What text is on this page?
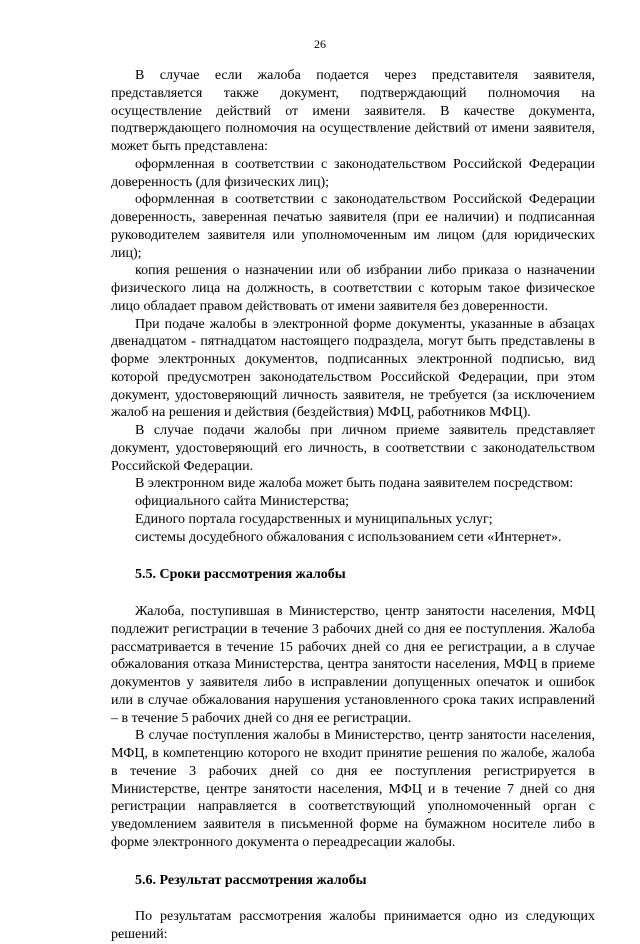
26

В случае если жалоба подается через представителя заявителя, представляется также документ, подтверждающий полномочия на осуществление действий от имени заявителя. В качестве документа, подтверждающего полномочия на осуществление действий от имени заявителя, может быть представлена:

оформленная в соответствии с законодательством Российской Федерации доверенность (для физических лиц);

оформленная в соответствии с законодательством Российской Федерации доверенность, заверенная печатью заявителя (при ее наличии) и подписанная руководителем заявителя или уполномоченным им лицом (для юридических лиц);

копия решения о назначении или об избрании либо приказа о назначении физического лица на должность, в соответствии с которым такое физическое лицо обладает правом действовать от имени заявителя без доверенности.

При подаче жалобы в электронной форме документы, указанные в абзацах двенадцатом - пятнадцатом настоящего подраздела, могут быть представлены в форме электронных документов, подписанных электронной подписью, вид которой предусмотрен законодательством Российской Федерации, при этом документ, удостоверяющий личность заявителя, не требуется (за исключением жалоб на решения и действия (бездействия) МФЦ, работников МФЦ).

В случае подачи жалобы при личном приеме заявитель представляет документ, удостоверяющий его личность, в соответствии с законодательством Российской Федерации.

В электронном виде жалоба может быть подана заявителем посредством:

официального сайта Министерства;

Единого портала государственных и муниципальных услуг;

системы досудебного обжалования с использованием сети «Интернет».

5.5. Сроки рассмотрения жалобы

Жалоба, поступившая в Министерство, центр занятости населения, МФЦ подлежит регистрации в течение 3 рабочих дней со дня ее поступления. Жалоба рассматривается в течение 15 рабочих дней со дня ее регистрации, а в случае обжалования отказа Министерства, центра занятости населения, МФЦ в приеме документов у заявителя либо в исправлении допущенных опечаток и ошибок или в случае обжалования нарушения установленного срока таких исправлений – в течение 5 рабочих дней со дня ее регистрации.

В случае поступления жалобы в Министерство, центр занятости населения, МФЦ, в компетенцию которого не входит принятие решения по жалобе, жалоба в течение 3 рабочих дней со дня ее поступления регистрируется в Министерстве, центре занятости населения, МФЦ и в течение 7 дней со дня регистрации направляется в соответствующий уполномоченный орган с уведомлением заявителя в письменной форме на бумажном носителе либо в форме электронного документа о переадресации жалобы.

5.6. Результат рассмотрения жалобы

По результатам рассмотрения жалобы принимается одно из следующих решений:
